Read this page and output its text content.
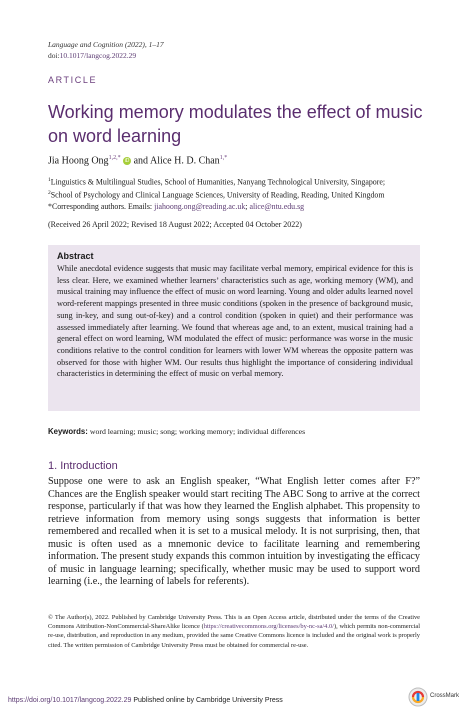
Language and Cognition (2022), 1–17
doi:10.1017/langcog.2022.29
ARTICLE
Working memory modulates the effect of music on word learning
Jia Hoong Ong$^{1,2,*}$ iD and Alice H. D. Chan$^{1,*}$
$^1$Linguistics & Multilingual Studies, School of Humanities, Nanyang Technological University, Singapore;
$^2$School of Psychology and Clinical Language Sciences, University of Reading, Reading, United Kingdom
*Corresponding authors. Emails: jiahoong.ong@reading.ac.uk; alice@ntu.edu.sg
(Received 26 April 2022; Revised 18 August 2022; Accepted 04 October 2022)
Abstract
While anecdotal evidence suggests that music may facilitate verbal memory, empirical evidence for this is less clear. Here, we examined whether learners’ characteristics such as age, working memory (WM), and musical training may influence the effect of music on word learning. Young and older adults learned novel word-referent mappings presented in three music conditions (spoken in the presence of background music, sung in-key, and sung out-of-key) and a control condition (spoken in quiet) and their performance was assessed immediately after learning. We found that whereas age and, to an extent, musical training had a general effect on word learning, WM modulated the effect of music: performance was worse in the music conditions relative to the control condition for learners with lower WM whereas the opposite pattern was observed for those with higher WM. Our results thus highlight the importance of considering individual characteristics in determining the effect of music on verbal memory.
Keywords: word learning; music; song; working memory; individual differences
1. Introduction
Suppose one were to ask an English speaker, “What English letter comes after F?” Chances are the English speaker would start reciting The ABC Song to arrive at the correct response, particularly if that was how they learned the English alphabet. This propensity to retrieve information from memory using songs suggests that information is better remembered and recalled when it is set to a musical melody. It is not surprising, then, that music is often used as a mnemonic device to facilitate learning and remembering information. The present study expands this common intuition by investigating the efficacy of music in language learning; specifically, whether music may be used to support word learning (i.e., the learning of labels for referents).
© The Author(s), 2022. Published by Cambridge University Press. This is an Open Access article, distributed under the terms of the Creative Commons Attribution-NonCommercial-ShareAlike licence (https://creativecommons.org/licenses/by-nc-sa/4.0/), which permits non-commercial re-use, distribution, and reproduction in any medium, provided the same Creative Commons licence is included and the original work is properly cited. The written permission of Cambridge University Press must be obtained for commercial re-use.
https://doi.org/10.1017/langcog.2022.29 Published online by Cambridge University Press
CrossMark
